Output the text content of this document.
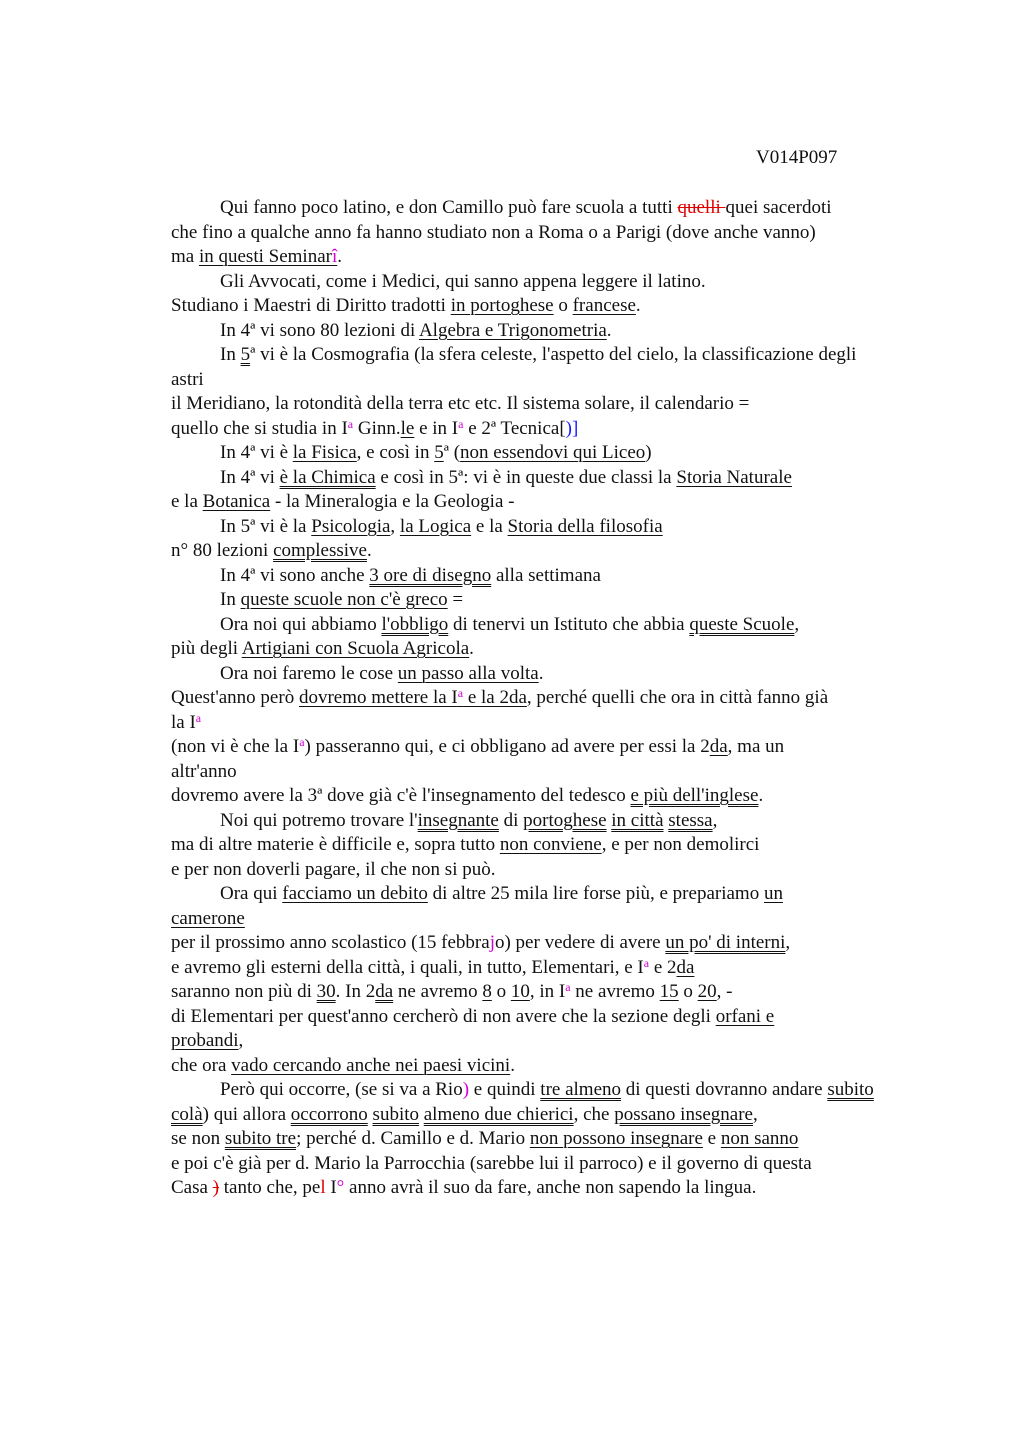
V014P097
Qui fanno poco latino, e don Camillo può fare scuola a tutti quelli quei sacerdoti
che fino a qualche anno fa hanno studiato non a Roma o a Parigi (dove anche vanno)
ma in questi Seminarî.
Gli Avvocati, come i Medici, qui sanno appena leggere il latino.
Studiano i Maestri di Diritto tradotti in portoghese o francese.
In 4ª vi sono 80 lezioni di Algebra e Trigonometria.
In 5ª vi è la Cosmografia (la sfera celeste, l'aspetto del cielo, la classificazione degli
astri
il Meridiano, la rotondità della terra etc etc. Il sistema solare, il calendario =
quello che si studia in $I^a$ Ginn.le e in $I^a$ e 2ª Tecnica[)]
In 4ª vi è la Fisica, e così in 5ª (non essendovi qui Liceo)
In 4ª vi è la Chimica e così in 5ª: vi è in queste due classi la Storia Naturale
e la Botanica - la Mineralogia e la Geologia -
In 5ª vi è la Psicologia, la Logica e la Storia della filosofia
n° 80 lezioni complessive.
In 4ª vi sono anche 3 ore di disegno alla settimana
In queste scuole non c'è greco =
Ora noi qui abbiamo l'obbligo di tenervi un Istituto che abbia queste Scuole,
più degli Artigiani con Scuola Agricola.
Ora noi faremo le cose un passo alla volta.
Quest'anno però dovremo mettere la $I^a$ e la 2da, perché quelli che ora in città fanno già
la $I^a$
(non vi è che la $I^a$) passeranno qui, e ci obbligano ad avere per essi la 2da, ma un
altr'anno
dovremo avere la 3ª dove già c'è l'insegnamento del tedesco e più dell'inglese.
Noi qui potremo trovare l'insegnante di portoghese in città stessa,
ma di altre materie è difficile e, sopra tutto non conviene, e per non demolirci
e per non doverli pagare, il che non si può.
Ora qui facciamo un debito di altre 25 mila lire forse più, e prepariamo un
camerone
per il prossimo anno scolastico (15 febbrajo) per vedere di avere un po' di interni,
e avremo gli esterni della città, i quali, in tutto, Elementari, e $I^a$ e 2da
saranno non più di 30. In 2da ne avremo 8 o 10, in $I^a$ ne avremo 15 o 20, -
di Elementari per quest'anno cercherò di non avere che la sezione degli orfani e
probandi,
che ora vado cercando anche nei paesi vicini.
Però qui occorre, (se si va a Rio) e quindi tre almeno di questi dovranno andare subito
colà) qui allora occorrono subito almeno due chierici, che possano insegnare,
se non subito tre; perché d. Camillo e d. Mario non possono insegnare e non sanno
e poi c'è già per d. Mario la Parrocchia (sarebbe lui il parroco) e il governo di questa
Casa ) tanto che, pel I° anno avrà il suo da fare, anche non sapendo la lingua.
